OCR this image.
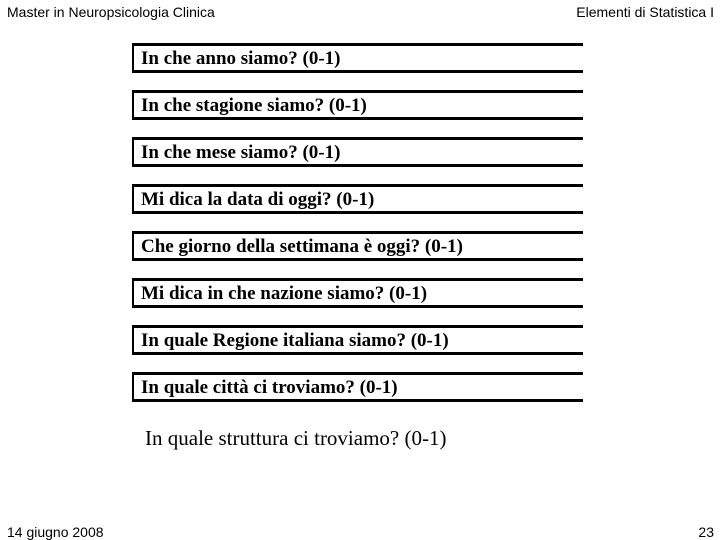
Master in Neuropsicologia Clinica	Elementi di Statistica I
In che anno siamo? (0-1)
In che stagione siamo? (0-1)
In che mese siamo? (0-1)
Mi dica la data di oggi? (0-1)
Che giorno della settimana è oggi? (0-1)
Mi dica in che nazione siamo? (0-1)
In quale Regione italiana siamo? (0-1)
In quale città ci troviamo? (0-1)
In quale struttura ci troviamo? (0-1)
14 giugno 2008	23
